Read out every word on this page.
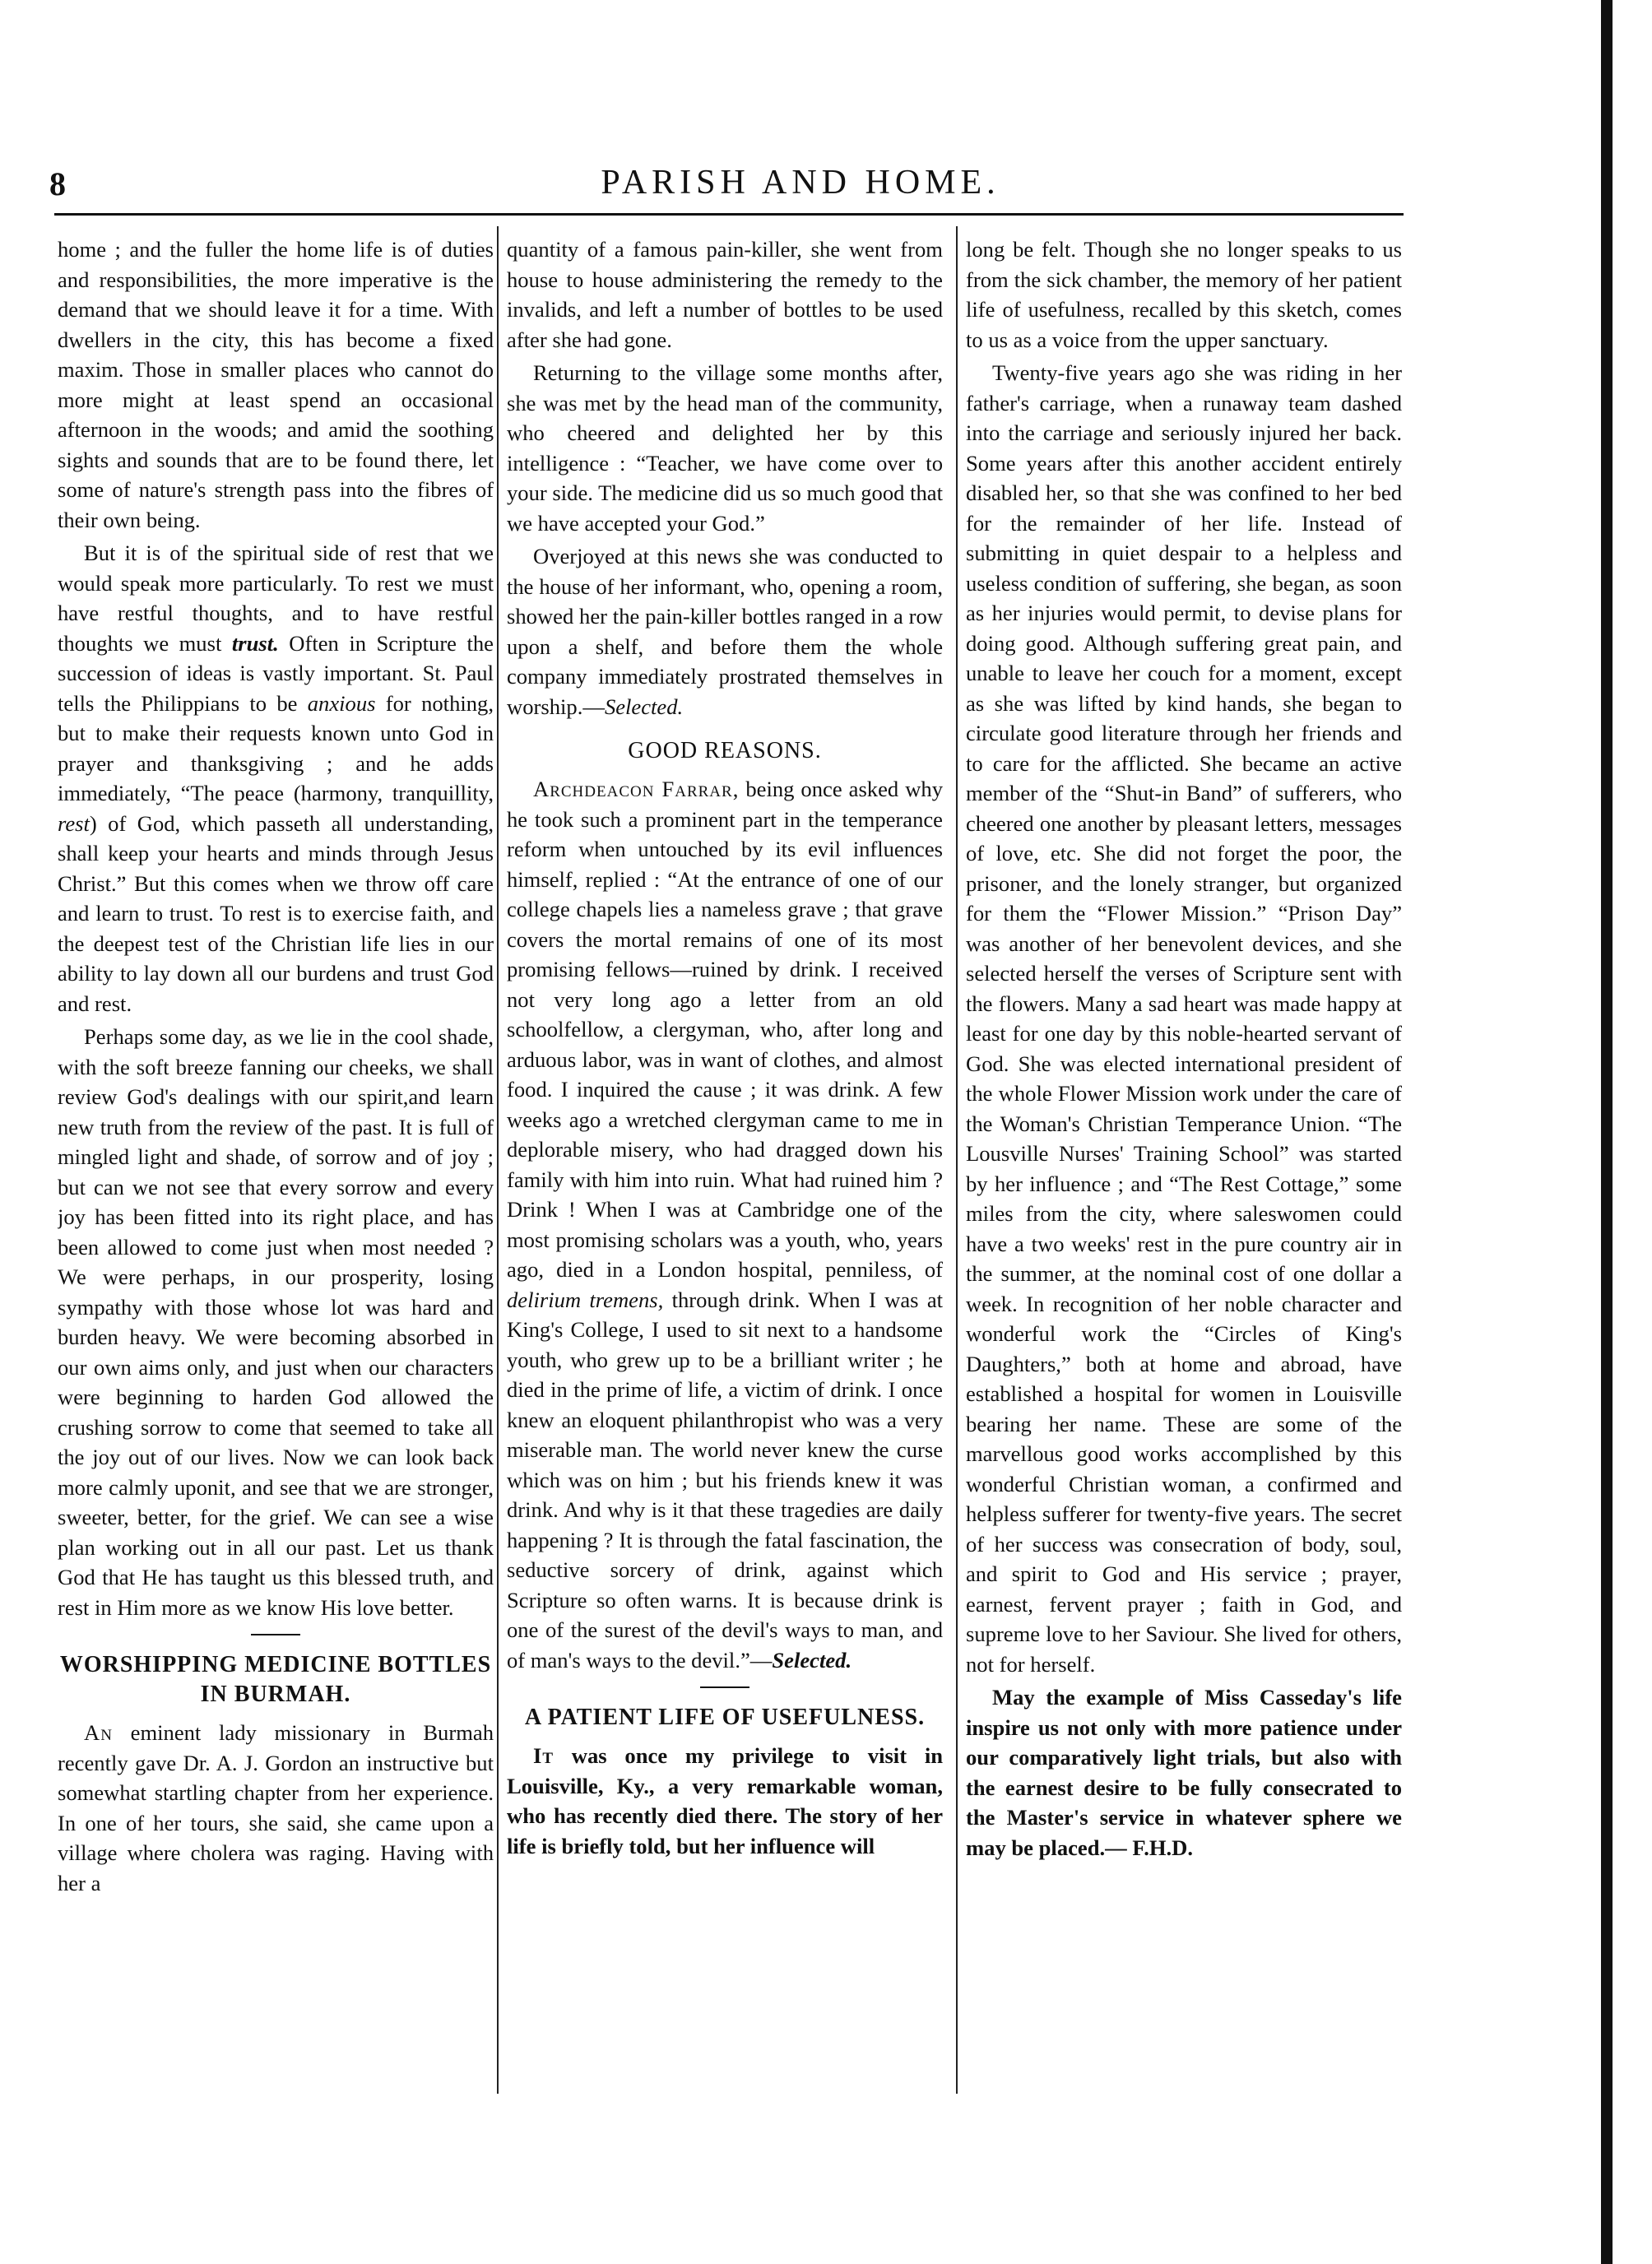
8	PARISH AND HOME.

home ; and the fuller the home life is of duties and responsibilities, the more imperative is the demand that we should leave it for a time. With dwellers in the city, this has become a fixed maxim. Those in smaller places who cannot do more might at least spend an occasional afternoon in the woods; and amid the soothing sights and sounds that are to be found there, let some of nature's strength pass into the fibres of their own being.

But it is of the spiritual side of rest that we would speak more particularly. To rest we must have restful thoughts, and to have restful thoughts we must trust. Often in Scripture the succession of ideas is vastly important. St. Paul tells the Philippians to be anxious for nothing, but to make their requests known unto God in prayer and thanksgiving ; and he adds immediately, “The peace (harmony, tranquillity, rest) of God, which passeth all understanding, shall keep your hearts and minds through Jesus Christ.” But this comes when we throw off care and learn to trust. To rest is to exercise faith, and the deepest test of the Christian life lies in our ability to lay down all our burdens and trust God and rest.

Perhaps some day, as we lie in the cool shade, with the soft breeze fanning our cheeks, we shall review God's dealings with our spirit,and learn new truth from the review of the past. It is full of mingled light and shade, of sorrow and of joy ; but can we not see that every sorrow and every joy has been fitted into its right place, and has been allowed to come just when most needed ? We were perhaps, in our prosperity, losing sympathy with those whose lot was hard and burden heavy. We were becoming absorbed in our own aims only, and just when our characters were beginning to harden God allowed the crushing sorrow to come that seemed to take all the joy out of our lives. Now we can look back more calmly uponit, and see that we are stronger, sweeter, better, for the grief. We can see a wise plan working out in all our past. Let us thank God that He has taught us this blessed truth, and rest in Him more as we know His love better.

WORSHIPPING MEDICINE BOTTLES IN BURMAH.

An eminent lady missionary in Burmah recently gave Dr. A. J. Gordon an instructive but somewhat startling chapter from her experience. In one of her tours, she said, she came upon a village where cholera was raging. Having with her a

quantity of a famous pain-killer, she went from house to house administering the remedy to the invalids, and left a number of bottles to be used after she had gone.

Returning to the village some months after, she was met by the head man of the community, who cheered and delighted her by this intelligence : “Teacher, we have come over to your side. The medicine did us so much good that we have accepted your God.”

Overjoyed at this news she was conducted to the house of her informant, who, opening a room, showed her the pain-killer bottles ranged in a row upon a shelf, and before them the whole company immediately prostrated themselves in worship.—Selected.

GOOD REASONS.

Archdeacon Farrar, being once asked why he took such a prominent part in the temperance reform when untouched by its evil influences himself, replied : “At the entrance of one of our college chapels lies a nameless grave ; that grave covers the mortal remains of one of its most promising fellows—ruined by drink. I received not very long ago a letter from an old schoolfellow, a clergyman, who, after long and arduous labor, was in want of clothes, and almost food. I inquired the cause ; it was drink. A few weeks ago a wretched clergyman came to me in deplorable misery, who had dragged down his family with him into ruin. What had ruined him ? Drink ! When I was at Cambridge one of the most promising scholars was a youth, who, years ago, died in a London hospital, penniless, of delirium tremens, through drink. When I was at King's College, I used to sit next to a handsome youth, who grew up to be a brilliant writer ; he died in the prime of life, a victim of drink. I once knew an eloquent philanthropist who was a very miserable man. The world never knew the curse which was on him ; but his friends knew it was drink. And why is it that these tragedies are daily happening ? It is through the fatal fascination, the seductive sorcery of drink, against which Scripture so often warns. It is because drink is one of the surest of the devil's ways to man, and of man's ways to the devil.”—Selected.

A PATIENT LIFE OF USEFULNESS.

It was once my privilege to visit in Louisville, Ky., a very remarkable woman, who has recently died there. The story of her life is briefly told, but her influence will

long be felt. Though she no longer speaks to us from the sick chamber, the memory of her patient life of usefulness, recalled by this sketch, comes to us as a voice from the upper sanctuary.

Twenty-five years ago she was riding in her father's carriage, when a runaway team dashed into the carriage and seriously injured her back. Some years after this another accident entirely disabled her, so that she was confined to her bed for the remainder of her life. Instead of submitting in quiet despair to a helpless and useless condition of suffering, she began, as soon as her injuries would permit, to devise plans for doing good. Although suffering great pain, and unable to leave her couch for a moment, except as she was lifted by kind hands, she began to circulate good literature through her friends and to care for the afflicted. She became an active member of the “Shut-in Band” of sufferers, who cheered one another by pleasant letters, messages of love, etc. She did not forget the poor, the prisoner, and the lonely stranger, but organized for them the “Flower Mission.” “Prison Day” was another of her benevolent devices, and she selected herself the verses of Scripture sent with the flowers. Many a sad heart was made happy at least for one day by this noble-hearted servant of God. She was elected international president of the whole Flower Mission work under the care of the Woman's Christian Temperance Union. “The Lousville Nurses' Training School” was started by her influence ; and “The Rest Cottage,” some miles from the city, where saleswomen could have a two weeks' rest in the pure country air in the summer, at the nominal cost of one dollar a week. In recognition of her noble character and wonderful work the “Circles of King's Daughters,” both at home and abroad, have established a hospital for women in Louisville bearing her name. These are some of the marvellous good works accomplished by this wonderful Christian woman, a confirmed and helpless sufferer for twenty-five years. The secret of her success was consecration of body, soul, and spirit to God and His service ; prayer, earnest, fervent prayer ; faith in God, and supreme love to her Saviour. She lived for others, not for herself.

May the example of Miss Casseday's life inspire us not only with more patience under our comparatively light trials, but also with the earnest desire to be fully consecrated to the Master's service in whatever sphere we may be placed.— F.H.D.
